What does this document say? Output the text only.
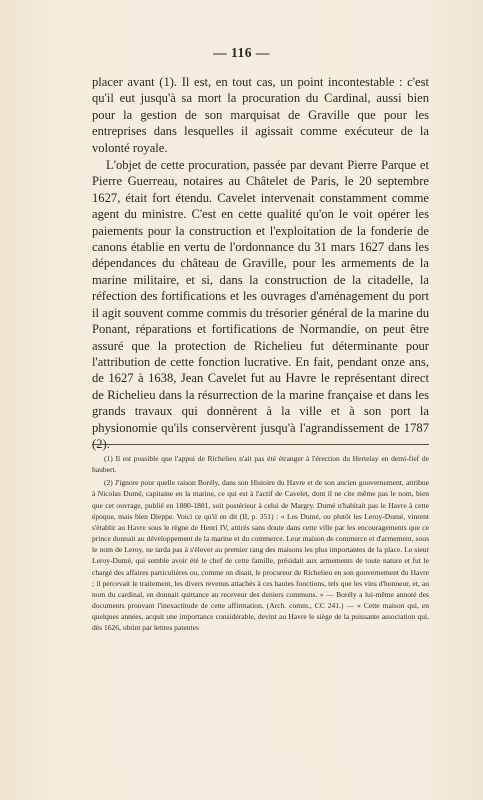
— 116 —

placer avant (1). Il est, en tout cas, un point incontestable : c'est qu'il eut jusqu'à sa mort la procuration du Cardinal, aussi bien pour la gestion de son marquisat de Graville que pour les entreprises dans lesquelles il agissait comme exécuteur de la volonté royale.

L'objet de cette procuration, passée par devant Pierre Parque et Pierre Guerreau, notaires au Châtelet de Paris, le 20 septembre 1627, était fort étendu. Cavelet intervenait constamment comme agent du ministre. C'est en cette qualité qu'on le voit opérer les paiements pour la construction et l'exploitation de la fonderie de canons établie en vertu de l'ordonnance du 31 mars 1627 dans les dépendances du château de Graville, pour les armements de la marine militaire, et si, dans la construction de la citadelle, la réfection des fortifications et les ouvrages d'aménagement du port il agit souvent comme commis du trésorier général de la marine du Ponant, réparations et fortifications de Normandie, on peut être assuré que la protection de Richelieu fut déterminante pour l'attribution de cette fonction lucrative. En fait, pendant onze ans, de 1627 à 1638, Jean Cavelet fut au Havre le représentant direct de Richelieu dans la résurrection de la marine française et dans les grands travaux qui donnèrent à la ville et à son port la physionomie qu'ils conservèrent jusqu'à l'agrandissement de 1787 (2).

(1) Il est possible que l'appui de Richelieu n'ait pas été étranger à l'érection du Hertelay en demi-fief de haubert.

(2) J'ignore pour quelle raison Borély, dans son Histoire du Havre et de son ancien gouvernement, attribue à Nicolas Dumé, capitaine en la marine, ce qui est à l'actif de Cavelet, dont il ne cite même pas le nom, bien que cet ouvrage, publié en 1880-1881, soit postérieur à celui de Margry. Dumé n'habitait pas le Havre à cette époque, mais bien Dieppe. Voici ce qu'il en dit (II, p. 351) : « Les Dumé, ou plutôt les Leroy-Dumé, vinrent s'établir au Havre sous le règne de Henri IV, attirés sans doute dans cette ville par les encouragements que ce prince donnait au développement de la marine et du commerce. Leur maison de commerce et d'armement, sous le nom de Leroy, ne tarda pas à s'élever au premier rang des maisons les plus importantes de la place. Le sieur Leroy-Dumé, qui semble avoir été le chef de cette famille, présidait aux armements de toute nature et fut le chargé des affaires particulières ou, comme on disait, le procureur de Richelieu en son gouvernement du Havre ; il percevait le traitement, les divers revenus attachés à ces hautes fonctions, tels que les vins d'honneur, et, au nom du cardinal, en donnait quittance au receveur des deniers communs. » — Borély a lui-même annoté des documents prouvant l'inexactitude de cette affirmation. (Arch. comm., CC 241.) — « Cette maison qui, en quelques années, acquit une importance considérable, devint au Havre le siège de la puissante association qui, dès 1626, obtint par lettres patentes
